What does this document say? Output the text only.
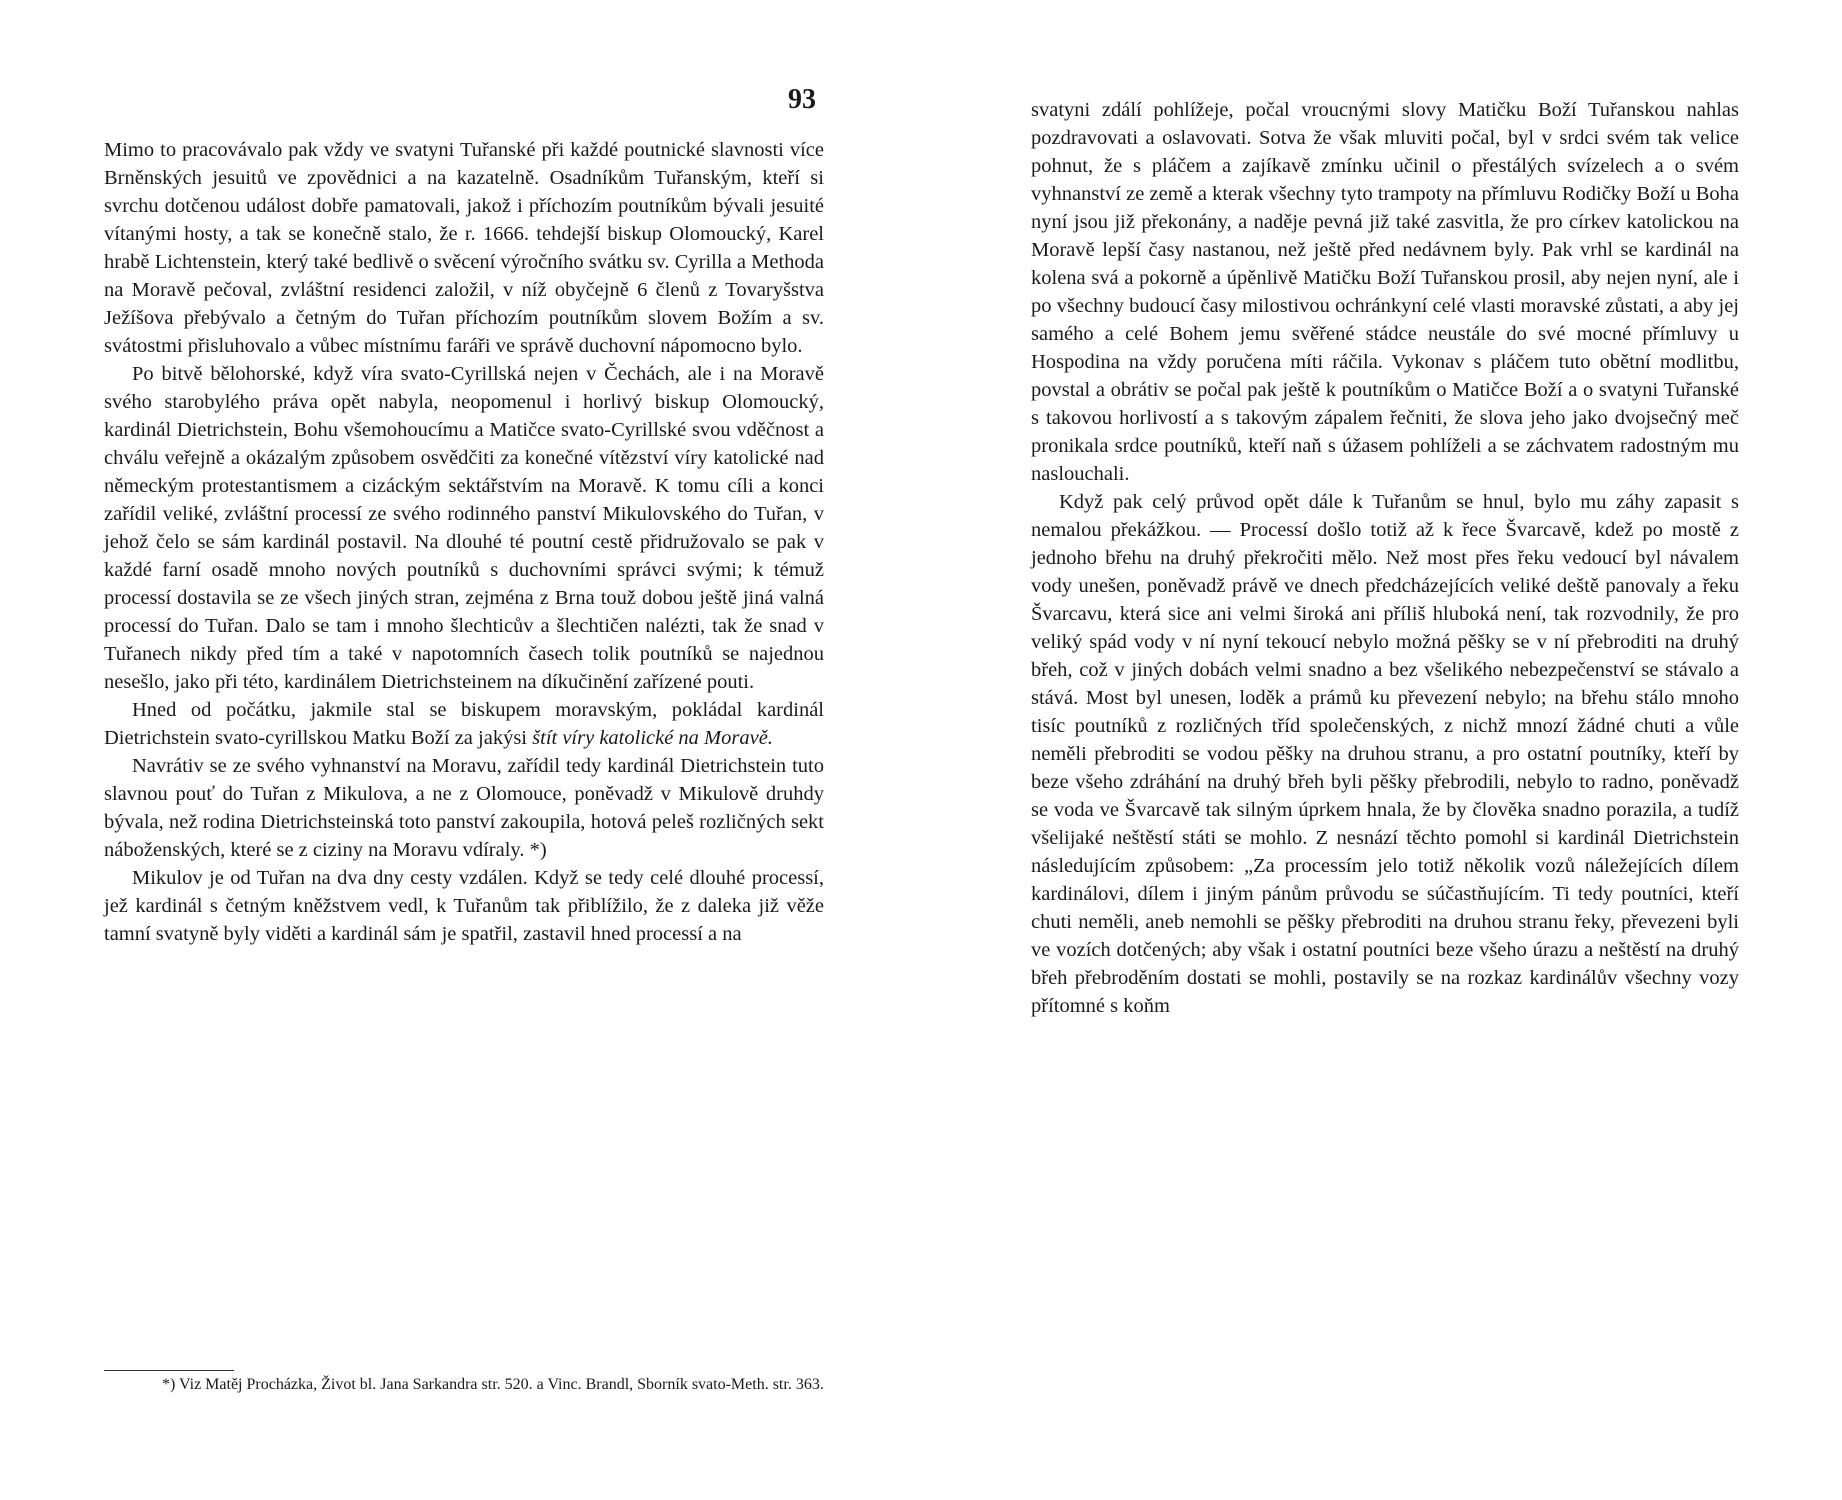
93

Mimo to pracovávalo pak vždy ve svatyni Tuřanské při každé poutnické slavnosti více Brněnských jesuitů ve zpovědnici a na kazatelně. Osadníkům Tuřanským, kteří si svrchu dotčenou událost dobře pamatovali, jakož i příchozím poutníkům bývali jesuité vítanými hosty, a tak se konečně stalo, že r. 1666. tehdejší biskup Olomoucký, Karel hrabě Lichtenstein, který také bedlivě o svěcení výročního svátku sv. Cyrilla a Methoda na Moravě pečoval, zvláštní residenci založil, v níž obyčejně 6 členů z Tovaryšstva Ježíšova přebývalo a četným do Tuřan příchozím poutníkům slovem Božím a sv. svátostmi přisluhovalo a vůbec místnímu faráři ve správě duchovní nápomocno bylo.

Po bitvě bělohorské, když víra svato-Cyrillská nejen v Čechách, ale i na Moravě svého starobylého práva opět nabyla, neopomenul i horlivý biskup Olomoucký, kardinál Dietrichstein, Bohu všemohoucímu a Matičce svato-Cyrillské svou vděčnost a chválu veřejně a okázalým způsobem osvědčiti za konečné vítězství víry katolické nad německým protestantismem a cizáckým sektářstvím na Moravě. K tomu cíli a konci zařídil veliké, zvláštní processí ze svého rodinného panství Mikulovského do Tuřan, v jehož čelo se sám kardinál postavil. Na dlouhé té poutní cestě přidružovalo se pak v každé farní osadě mnoho nových poutníků s duchovními správci svými; k témuž processí dostavila se ze všech jiných stran, zejména z Brna touž dobou ještě jiná valná processí do Tuřan. Dalo se tam i mnoho šlechticův a šlechtičen nalézti, tak že snad v Tuřanech nikdy před tím a také v napotomních časech tolik poutníků se najednou nesešlo, jako při této, kardinálem Dietrichsteinem na díkučinění zařízené pouti.

Hned od počátku, jakmile stal se biskupem moravským, pokládal kardinál Dietrichstein svato-cyrillskou Matku Boží za jakýsi štít víry katolické na Moravě.

Navrátiv se ze svého vyhnanství na Moravu, zařídil tedy kardinál Dietrichstein tuto slavnou pouť do Tuřan z Mikulova, a ne z Olomouce, poněvadž v Mikulově druhdy bývala, než rodina Dietrichsteinská toto panství zakoupila, hotová peleš rozličných sekt náboženských, které se z ciziny na Moravu vdíraly. *)

Mikulov je od Tuřan na dva dny cesty vzdálen. Když se tedy celé dlouhé processí, jež kardinál s četným kněžstvem vedl, k Tuřanům tak přiblížilo, že z daleka již věže tamní svatyně byly viděti a kardinál sám je spatřil, zastavil hned processí a na

*) Viz Matěj Procházka, Život bl. Jana Sarkandra str. 520. a Vinc. Brandl, Sborník svato-Meth. str. 363.

svatyni zdálí pohlížeje, počal vroucnými slovy Matičku Boží Tuřanskou nahlas pozdravovati a oslavovati. Sotva že však mluviti počal, byl v srdci svém tak velice pohnut, že s pláčem a zajíkavě zmínku učinil o přestálých svízelech a o svém vyhnanství ze země a kterak všechny tyto trampoty na přímluvu Rodičky Boží u Boha nyní jsou již překonány, a naděje pevná již také zasvitla, že pro církev katolickou na Moravě lepší časy nastanou, než ještě před nedávnem byly. Pak vrhl se kardinál na kolena svá a pokorně a úpěnlivě Matičku Boží Tuřanskou prosil, aby nejen nyní, ale i po všechny budoucí časy milostivou ochránkyní celé vlasti moravské zůstati, a aby jej samého a celé Bohem jemu svěřené stádce neustále do své mocné přímluvy u Hospodina na vždy poručena míti ráčila. Vykonav s pláčem tuto obětní modlitbu, povstal a obrátiv se počal pak ještě k poutníkům o Matičce Boží a o svatyni Tuřanské s takovou horlivostí a s takovým zápalem řečniti, že slova jeho jako dvojsečný meč pronikala srdce poutníků, kteří naň s úžasem pohlíželi a se záchvatem radostným mu naslouchali.

Když pak celý průvod opět dále k Tuřanům se hnul, bylo mu záhy zapasit s nemalou překážkou. — Processí došlo totiž až k řece Švarcavě, kdež po mostě z jednoho břehu na druhý překročiti mělo. Než most přes řeku vedoucí byl návalem vody unešen, poněvadž právě ve dnech předcházejících veliké deště panovaly a řeku Švarcavu, která sice ani velmi široká ani příliš hluboká není, tak rozvodnily, že pro veliký spád vody v ní nyní tekoucí nebylo možná pěšky se v ní přebroditi na druhý břeh, což v jiných dobách velmi snadno a bez všelikého nebezpečenství se stávalo a stává. Most byl unesen, loděk a prámů ku převezení nebylo; na břehu stálo mnoho tisíc poutníků z rozličných tříd společenských, z nichž mnozí žádné chuti a vůle neměli přebroditi se vodou pěšky na druhou stranu, a pro ostatní poutníky, kteří by beze všeho zdráhání na druhý břeh byli pěšky přebrodili, nebylo to radno, poněvadž se voda ve Švarcavě tak silným úprkem hnala, že by člověka snadno porazila, a tudíž všelijaké neštěstí státi se mohlo. Z nesnází těchto pomohl si kardinál Dietrichstein následujícím způsobem: „Za processím jelo totiž několik vozů náležejících dílem kardinálovi, dílem i jiným pánům průvodu se súčastňujícím. Ti tedy poutníci, kteří chuti neměli, aneb nemohli se pěšky přebroditi na druhou stranu řeky, převezeni byli ve vozích dotčených; aby však i ostatní poutníci beze všeho úrazu a neštěstí na druhý břeh přebroděním dostati se mohli, postavily se na rozkaz kardinálův všechny vozy přítomné s koňm
